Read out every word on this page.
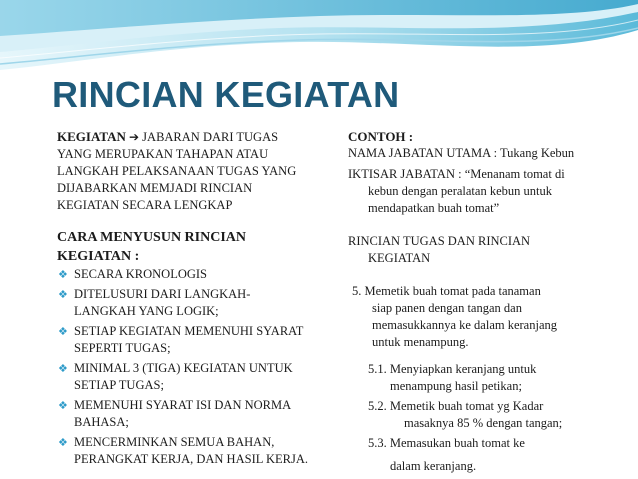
RINCIAN KEGIATAN
KEGIATAN ➔ JABARAN DARI TUGAS
YANG MERUPAKAN TAHAPAN ATAU
LANGKAH PELAKSANAAN TUGAS YANG
DIJABARKAN MEMJADI RINCIAN
KEGIATAN SECARA LENGKAP
CARA MENYUSUN RINCIAN
KEGIATAN :
❖ SECARA KRONOLOGIS
❖ DITELUSURI DARI LANGKAH-
LANGKAH YANG LOGIK;
❖ SETIAP KEGIATAN MEMENUHI SYARAT
SEPERTI TUGAS;
❖ MINIMAL 3 (TIGA) KEGIATAN UNTUK
SETIAP TUGAS;
❖ MEMENUHI SYARAT ISI DAN NORMA
BAHASA;
❖ MENCERMINKAN SEMUA BAHAN,
PERANGKAT KERJA, DAN HASIL KERJA.
CONTOH :
NAMA JABATAN UTAMA : Tukang Kebun
IKTISAR JABATAN : “Menanam tomat di
kebun dengan peralatan kebun untuk
mendapatkan buah tomat”
RINCIAN TUGAS DAN RINCIAN
KEGIATAN
5. Memetik buah tomat pada tanaman
siap panen dengan tangan dan
memasukkannya ke dalam keranjang
untuk menampung.
5.1. Menyiapkan keranjang untuk
menampung hasil petikan;
5.2. Memetik buah tomat yg Kadar
masaknya 85 % dengan tangan;
5.3. Memasukan buah tomat ke
dalam keranjang.
